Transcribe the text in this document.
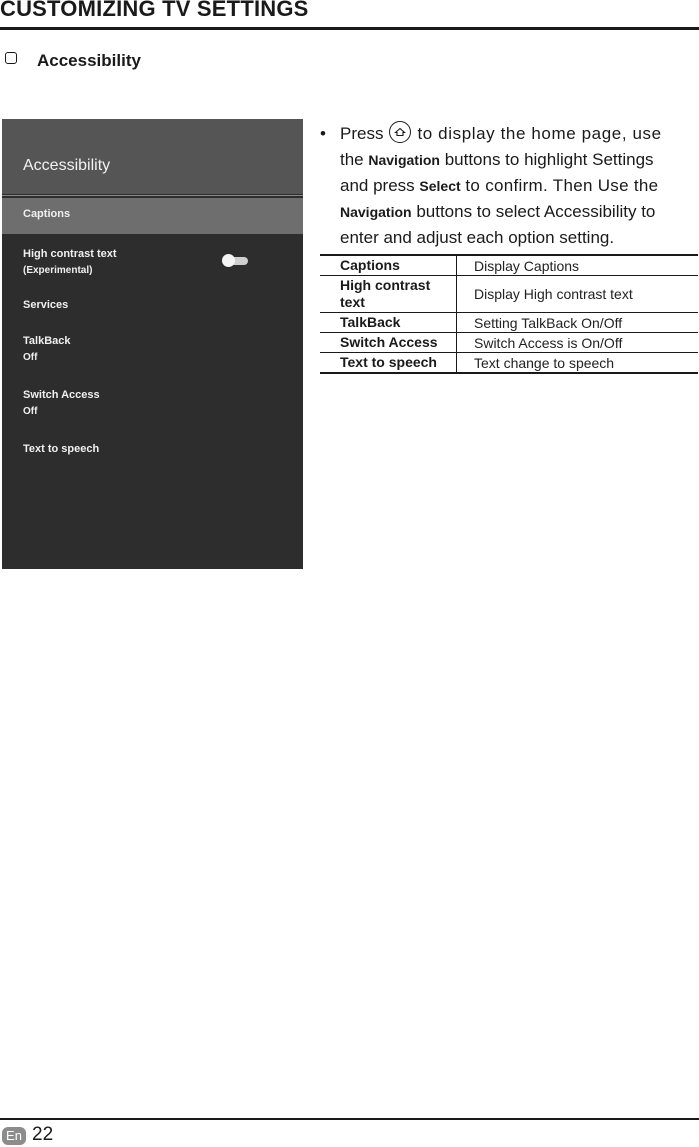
CUSTOMIZING TV SETTINGS
Accessibility
Accessibility
Captions
High contrast text
(Experimental)
Services
TalkBack
Off
Switch Access
Off
Text to speech
• Press to display the home page, use
the Navigation buttons to highlight Settings
and press Select to confirm. Then Use the
Navigation buttons to select Accessibility to
enter and adjust each option setting.
Captions	Display Captions
High contrast text	Display High contrast text
TalkBack	Setting TalkBack On/Off
Switch Access	Switch Access is On/Off
Text to speech	Text change to speech
En 22
